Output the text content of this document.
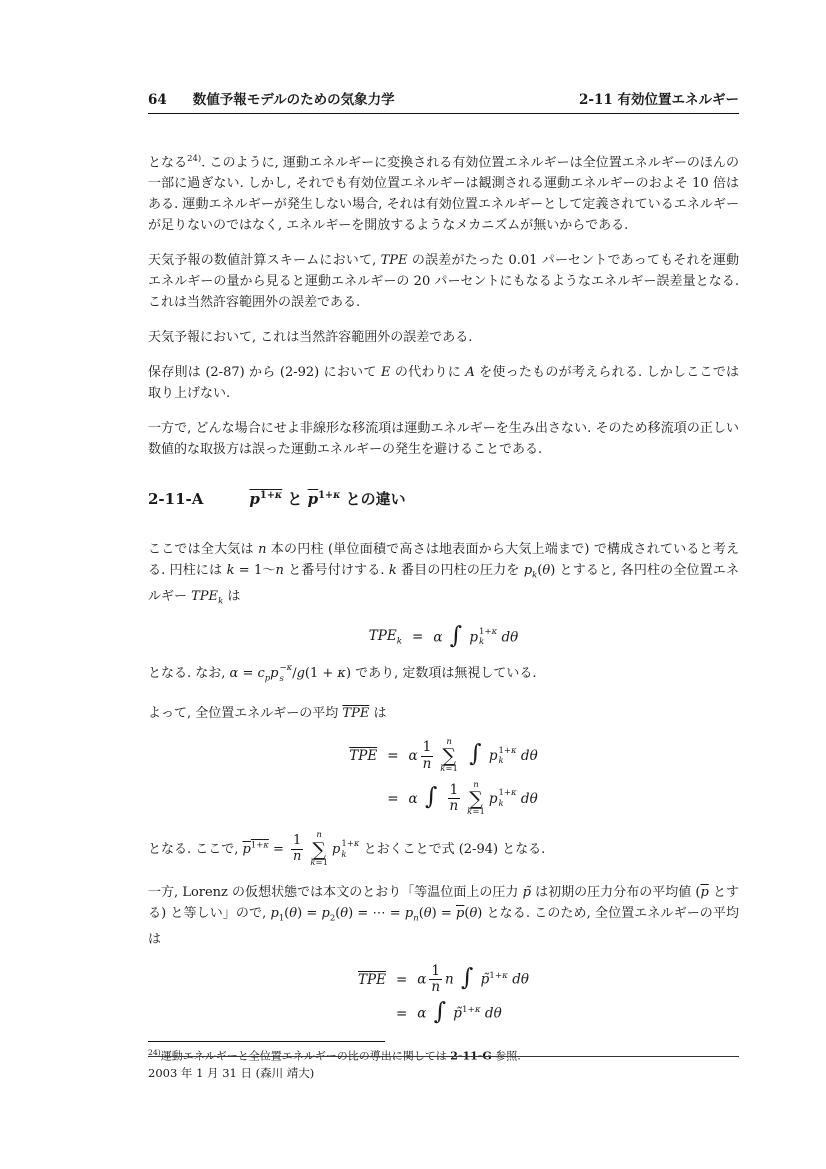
64 数値予報モデルのための気象力学	2-11 有効位置エネルギー

となる$^{24)}$. このように, 運動エネルギーに変換される有効位置エネルギーは全位置エネルギーのほんの一部に過ぎない. しかし, それでも有効位置エネルギーは観測される運動エネルギーのおよそ 10 倍はある. 運動エネルギーが発生しない場合, それは有効位置エネルギーとして定義されているエネルギーが足りないのではなく, エネルギーを開放するようなメカニズムが無いからである.

天気予報の数値計算スキームにおいて, TPE の誤差がたった 0.01 パーセントであってもそれを運動エネルギーの量から見ると運動エネルギーの 20 パーセントにもなるようなエネルギー誤差量となる. これは当然許容範囲外の誤差である.

天気予報において, これは当然許容範囲外の誤差である.

保存則は (2-87) から (2-92) において E の代わりに A を使ったものが考えられる. しかしここでは取り上げない.

一方で, どんな場合にせよ非線形な移流項は運動エネルギーを生み出さない. そのため移流項の正しい数値的な取扱方は誤った運動エネルギーの発生を避けることである.

2-11-A	$p^{1+\kappa}$ と $\overline{p}^{1+\kappa}$ との違い

ここでは全大気は n 本の円柱 (単位面積で高さは地表面から大気上端まで) で構成されていると考える. 円柱には k = 1〜n と番号付けする. k 番目の円柱の圧力を $p_k(\theta)$ とすると, 各円柱の全位置エネルギー $TPE_k$ は

$TPE_k = \alpha$ ∫ p 1+κ
k dθ

となる. なお, $\alpha = c_pp -\kappa$
s /g(1 + κ) であり, 定数項は無視している.

よって, 全位置エネルギーの平均 $\overline{TPE}$ は

$\overline{TPE} = \alpha \frac{1}{n}$ n
∑
k=1
∫ p 1+κ
k dθ
= α ∫ $\frac{1}{n}$ n
∑
k=1
p 1+κ
k dθ

となる. ここで, $p^{1+\kappa} = \frac{1}{n}$ n
∑
k=1
p 1+κ
k とおくことで式 (2-94) となる.

一方, Lorenz の仮想状態では本文のとおり「等温位面上の圧力 p̃ は初期の圧力分布の平均値 ($\overline{p}$ とする) と等しい」ので, $p_1(\theta) = p_2(\theta)$ = ⋯ = $p_n(\theta) = \overline{p}(\theta)$ となる. このため, 全位置エネルギーの平均は

$\overline{TPE} = \alpha \frac{1}{n}$ n ∫ p̃$^{1+\kappa}$ dθ
= α ∫ p̃$^{1+\kappa}$ dθ
$^{24)}$運動エネルギーと全位置エネルギーの比の導出に関しては 2-11-G 参照.
2003 年 1 月 31 日 (森川 靖大)
